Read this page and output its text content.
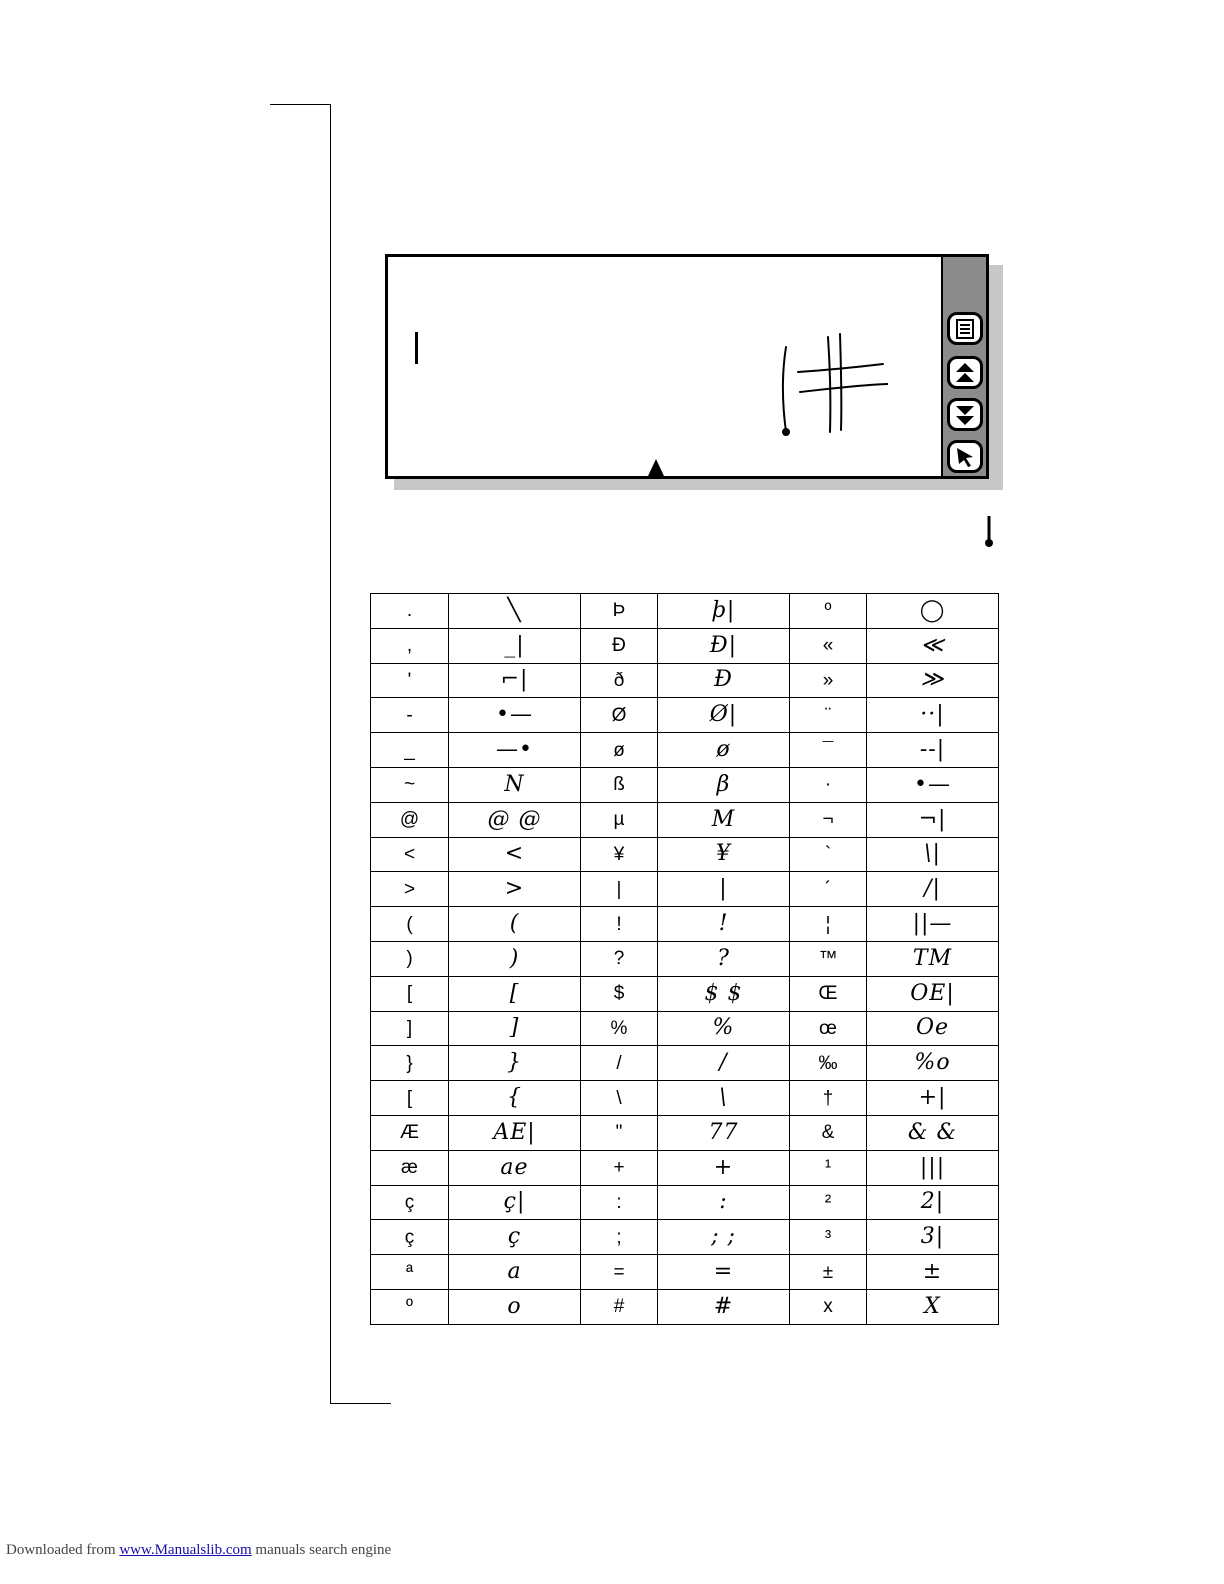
.	╲	Þ	þ|	º	◯
,	_|	Đ	Ð|	«	≪
'	⌐|	ð	Ð	»	≫
-	•—	Ø	Ø|	¨	··|
_	—•	ø	ø	¯	--|
~	N	ß	β	·	•—
@	@ @	µ	M	¬	¬|
<	<	¥	¥	`	\|
>	>	|	|	´	/|
(	(	!	!	¦	||—
)	)	?	?	™	TM
[	[	$	$ $	Œ	OE|
]	]	%	%	œ	Oe
}	}	/	/	‰	%o
[	{	\	\	†	+|
Æ	AE|	"	77	&	& &
æ	ae	+	+	¹	|||
ç	ç|	:	:	²	2|
ç	ç	;	; ;	³	3|
ª	a	=	=	±	±
º	o	#	#	x	X
Downloaded from www.Manualslib.com manuals search engine
